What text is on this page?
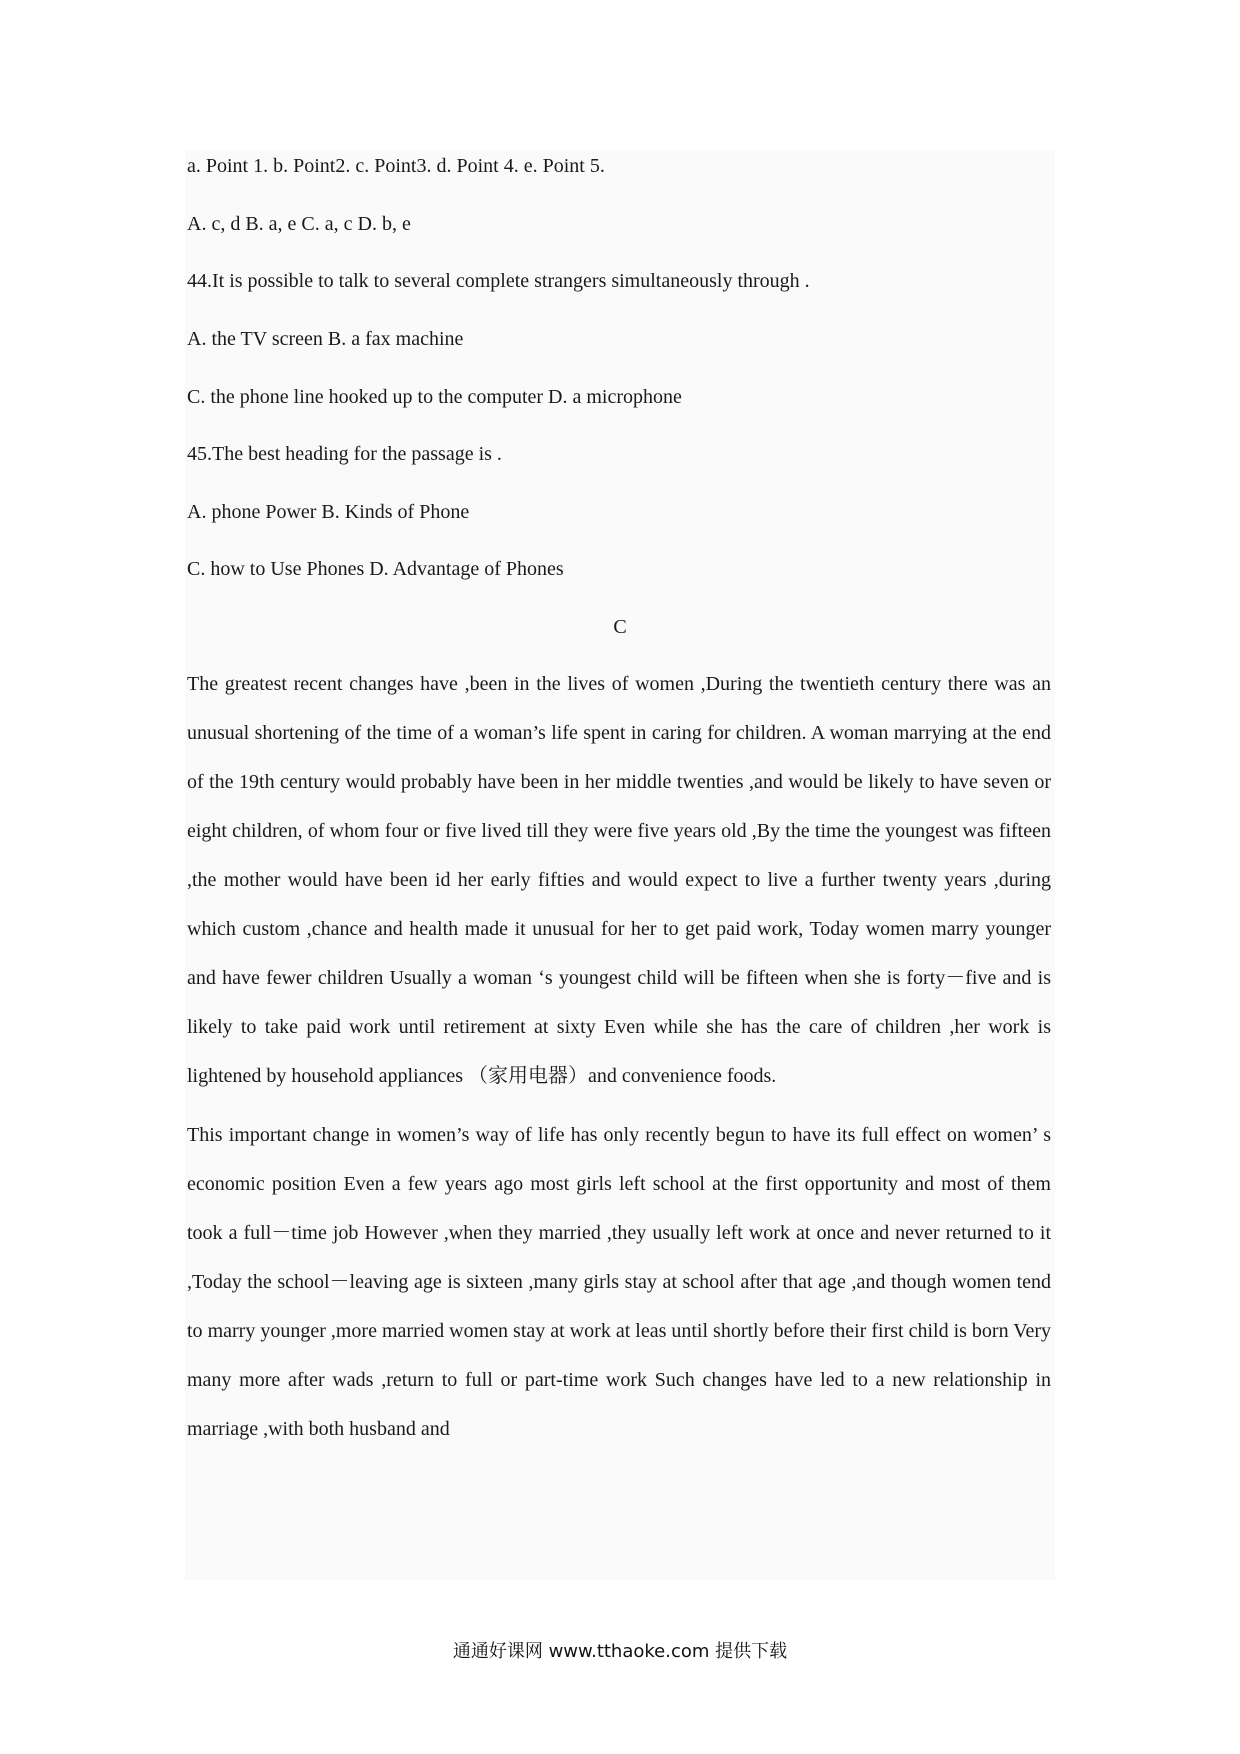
a. Point 1. b. Point2. c. Point3. d. Point 4. e. Point 5.

A. c, d B. a, e C. a, c D. b, e

44.It is possible to talk to several complete strangers simultaneously through .

A. the TV screen B. a fax machine

C. the phone line hooked up to the computer D. a microphone

45.The best heading for the passage is .

A. phone Power B. Kinds of Phone

C. how to Use Phones D. Advantage of Phones

C

The greatest recent changes have ,been in the lives of women ,During the twentieth century there was an unusual shortening of the time of a woman’s life spent in caring for children. A woman marrying at the end of the 19th century would probably have been in her middle twenties ,and would be likely to have seven or eight children, of whom four or five lived till they were five years old ,By the time the youngest was fifteen ,the mother would have been id her early fifties and would expect to live a further twenty years ,during which custom ,chance and health made it unusual for her to get paid work, Today women marry younger and have fewer children Usually a woman ‘s youngest child will be fifteen when she is forty－five and is likely to take paid work until retirement at sixty Even while she has the care of children ,her work is lightened by household appliances （家用电器）and convenience foods.

This important change in women’s way of life has only recently begun to have its full effect on women’ s economic position Even a few years ago most girls left school at the first opportunity and most of them took a full－time job However ,when they married ,they usually left work at once and never returned to it ,Today the school－leaving age is sixteen ,many girls stay at school after that age ,and though women tend to marry younger ,more married women stay at work at leas until shortly before their first child is born Very many more after wads ,return to full or part-time work Such changes have led to a new relationship in marriage ,with both husband and

通通好课网 www.tthaoke.com 提供下载
